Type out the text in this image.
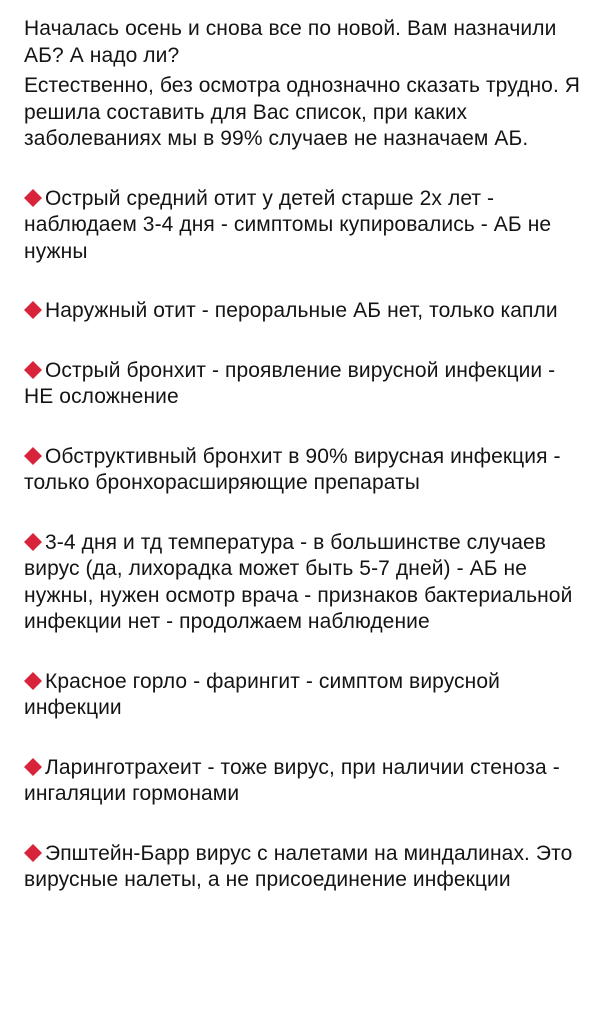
Началась осень и снова все по новой. Вам назначили АБ? А надо ли?

Естественно, без осмотра однозначно сказать трудно. Я решила составить для Вас список, при каких заболеваниях мы в 99% случаев не назначаем АБ.

Острый средний отит у детей старше 2х лет - наблюдаем 3-4 дня - симптомы купировались - АБ не нужны

Наружный отит - пероральные АБ нет, только капли

Острый бронхит - проявление вирусной инфекции - НЕ осложнение

Обструктивный бронхит в 90% вирусная инфекция - только бронхорасширяющие препараты

3-4 дня и тд температура - в большинстве случаев вирус (да, лихорадка может быть 5-7 дней) - АБ не нужны, нужен осмотр врача - признаков бактериальной инфекции нет - продолжаем наблюдение

Красное горло - фарингит - симптом вирусной инфекции

Ларинготрахеит - тоже вирус, при наличии стеноза - ингаляции гормонами

Эпштейн-Барр вирус с налетами на миндалинах. Это вирусные налеты, а не присоединение инфекции
